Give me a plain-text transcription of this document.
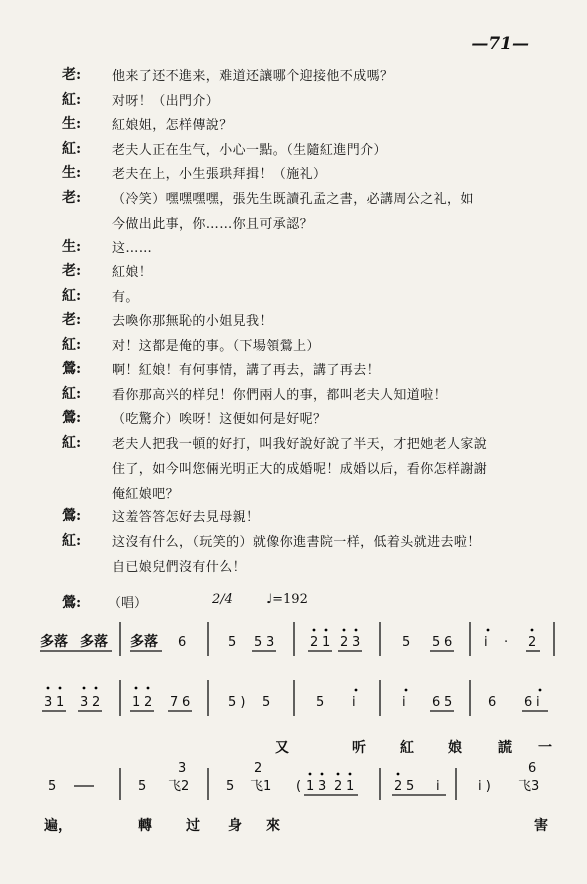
—71—
老: 他来了还不進来，难道还讓哪个迎接他不成嗎？
紅: 对呀！（出門介）
生: 紅娘姐，怎样傳說？
紅: 老夫人正在生气，小心一點。（生隨紅進門介）
生: 老夫在上，小生張珙拜揖！（施礼）
老: （冷笑）嘿嘿嘿嘿，張先生既讀孔孟之書，必講周公之礼，如
今做出此事，你……你且可承認？
生: 这……
老: 紅娘！
紅: 有。
老: 去喚你那無恥的小姐見我！
紅: 对！这都是俺的事。（下場領鶯上）
鶯: 啊！紅娘！有何事情，講了再去，講了再去！
紅: 看你那高兴的样兒！你們兩人的事，都叫老夫人知道啦！
鶯: （吃驚介）唉呀！这便如何是好呢？
紅: 老夫人把我一頓的好打，叫我好說好說了半天，才把她老人家說
住了，如今叫您倆光明正大的成婚呢！成婚以后，看你怎样謝謝
俺紅娘吧？
鶯: 这羞答答怎好去見母親！
紅: 这沒有什么，（玩笑的）就像你進書院一样，低着头就进去啦！
自已娘兒們沒有什么！
鶯: （唱）	2/4	♩=192
多落 多落 多落 6	5 5 3	2 1 2 3	5 5 6 i · 2
3 1 3 2 1 2 7 6	5 ) 5	5 i	i 6 5	6 6 i
又	听 紅 娘	謊 一
5	5
3
飞2	5
2
飞1 ( 1 3 2 1	2 5 i	i )
6
飞3
遍，	轉 过 身 來	害
